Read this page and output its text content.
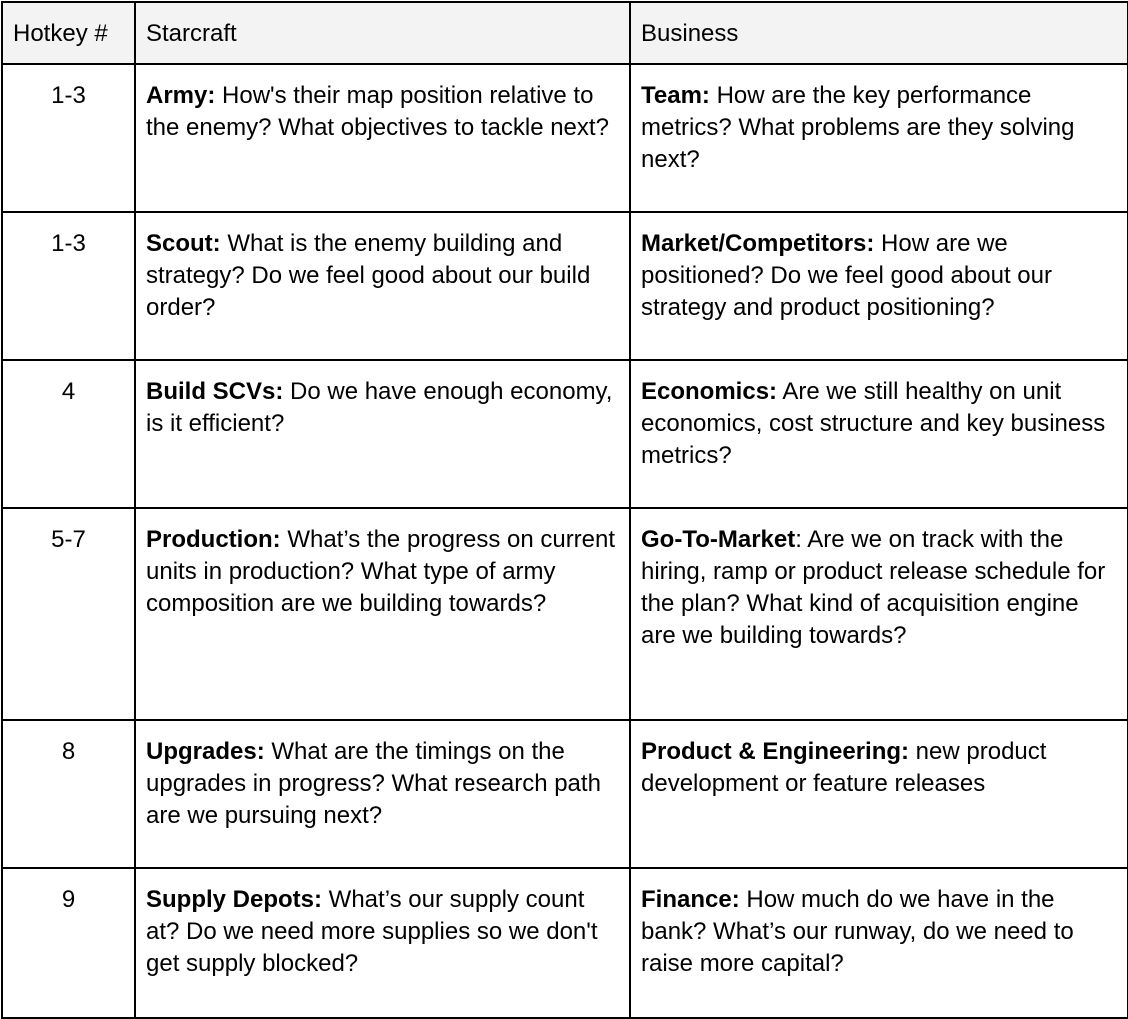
Hotkey #	Starcraft	Business
1-3	Army: How's their map position relative to the enemy? What objectives to tackle next?	Team: How are the key performance metrics? What problems are they solving next?
1-3	Scout: What is the enemy building and strategy? Do we feel good about our build order?	Market/Competitors: How are we positioned? Do we feel good about our strategy and product positioning?
4	Build SCVs: Do we have enough economy, is it efficient?	Economics: Are we still healthy on unit economics, cost structure and key business metrics?
5-7	Production: What’s the progress on current units in production? What type of army composition are we building towards?	Go-To-Market: Are we on track with the hiring, ramp or product release schedule for the plan? What kind of acquisition engine are we building towards?
8	Upgrades: What are the timings on the upgrades in progress? What research path are we pursuing next?	Product & Engineering: new product development or feature releases
9	Supply Depots: What’s our supply count at? Do we need more supplies so we don't get supply blocked?	Finance: How much do we have in the bank? What’s our runway, do we need to raise more capital?
